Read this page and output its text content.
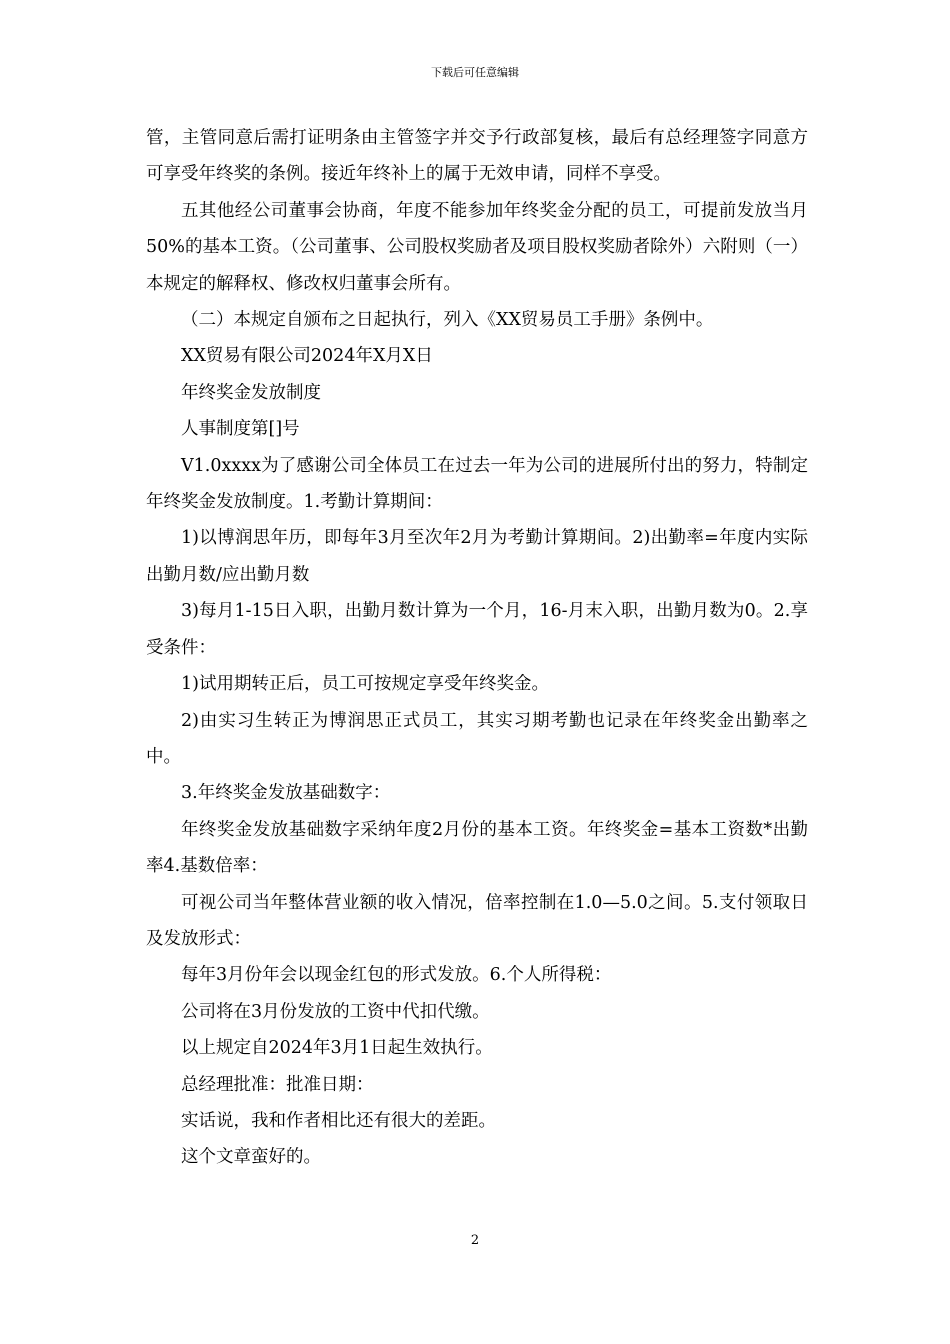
下载后可任意编辑

管，主管同意后需打证明条由主管签字并交予行政部复核，最后有总经理签字同意方可享受年终奖的条例。接近年终补上的属于无效申请，同样不享受。

五其他经公司董事会协商，年度不能参加年终奖金分配的员工，可提前发放当月50%的基本工资。（公司董事、公司股权奖励者及项目股权奖励者除外）六附则（一）本规定的解释权、修改权归董事会所有。

（二）本规定自颁布之日起执行，列入《XX贸易员工手册》条例中。

XX贸易有限公司2024年X月X日

年终奖金发放制度

人事制度第[]号

V1.0xxxx为了感谢公司全体员工在过去一年为公司的进展所付出的努力，特制定年终奖金发放制度。1.考勤计算期间：

1)以博润思年历，即每年3月至次年2月为考勤计算期间。2)出勤率=年度内实际出勤月数/应出勤月数

3)每月1-15日入职，出勤月数计算为一个月，16-月末入职，出勤月数为0。2.享受条件：

1)试用期转正后，员工可按规定享受年终奖金。

2)由实习生转正为博润思正式员工，其实习期考勤也记录在年终奖金出勤率之中。

3.年终奖金发放基础数字：

年终奖金发放基础数字采纳年度2月份的基本工资。年终奖金=基本工资数*出勤率4.基数倍率：

可视公司当年整体营业额的收入情况，倍率控制在1.0—5.0之间。5.支付领取日及发放形式：

每年3月份年会以现金红包的形式发放。6.个人所得税：

公司将在3月份发放的工资中代扣代缴。

以上规定自2024年3月1日起生效执行。

总经理批准：批准日期：

实话说，我和作者相比还有很大的差距。

这个文章蛮好的。

2
